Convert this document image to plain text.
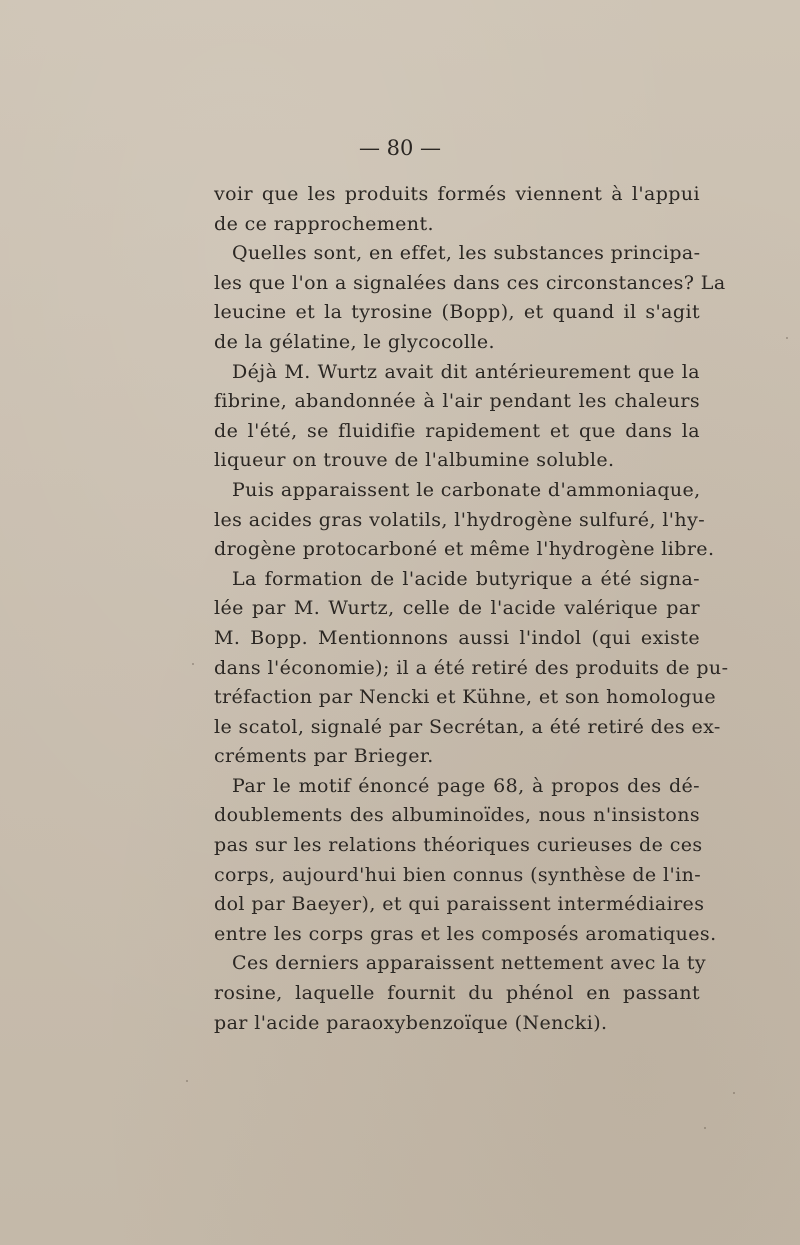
— 80 —
voir que les produits formés viennent à l'appui
de ce rapprochement.
Quelles sont, en effet, les substances principa-
les que l'on a signalées dans ces circonstances? La
leucine et la tyrosine (Bopp), et quand il s'agit
de la gélatine, le glycocolle.
Déjà M. Wurtz avait dit antérieurement que la
fibrine, abandonnée à l'air pendant les chaleurs
de l'été, se fluidifie rapidement et que dans la
liqueur on trouve de l'albumine soluble.
Puis apparaissent le carbonate d'ammoniaque,
les acides gras volatils, l'hydrogène sulfuré, l'hy-
drogène protocarboné et même l'hydrogène libre.
La formation de l'acide butyrique a été signa-
lée par M. Wurtz, celle de l'acide valérique par
M. Bopp. Mentionnons aussi l'indol (qui existe
dans l'économie); il a été retiré des produits de pu-
tréfaction par Nencki et Kühne, et son homologue
le scatol, signalé par Secrétan, a été retiré des ex-
créments par Brieger.
Par le motif énoncé page 68, à propos des dé-
doublements des albuminoïdes, nous n'insistons
pas sur les relations théoriques curieuses de ces
corps, aujourd'hui bien connus (synthèse de l'in-
dol par Baeyer), et qui paraissent intermédiaires
entre les corps gras et les composés aromatiques.
Ces derniers apparaissent nettement avec la ty
rosine, laquelle fournit du phénol en passant
par l'acide paraoxybenzoïque (Nencki).
